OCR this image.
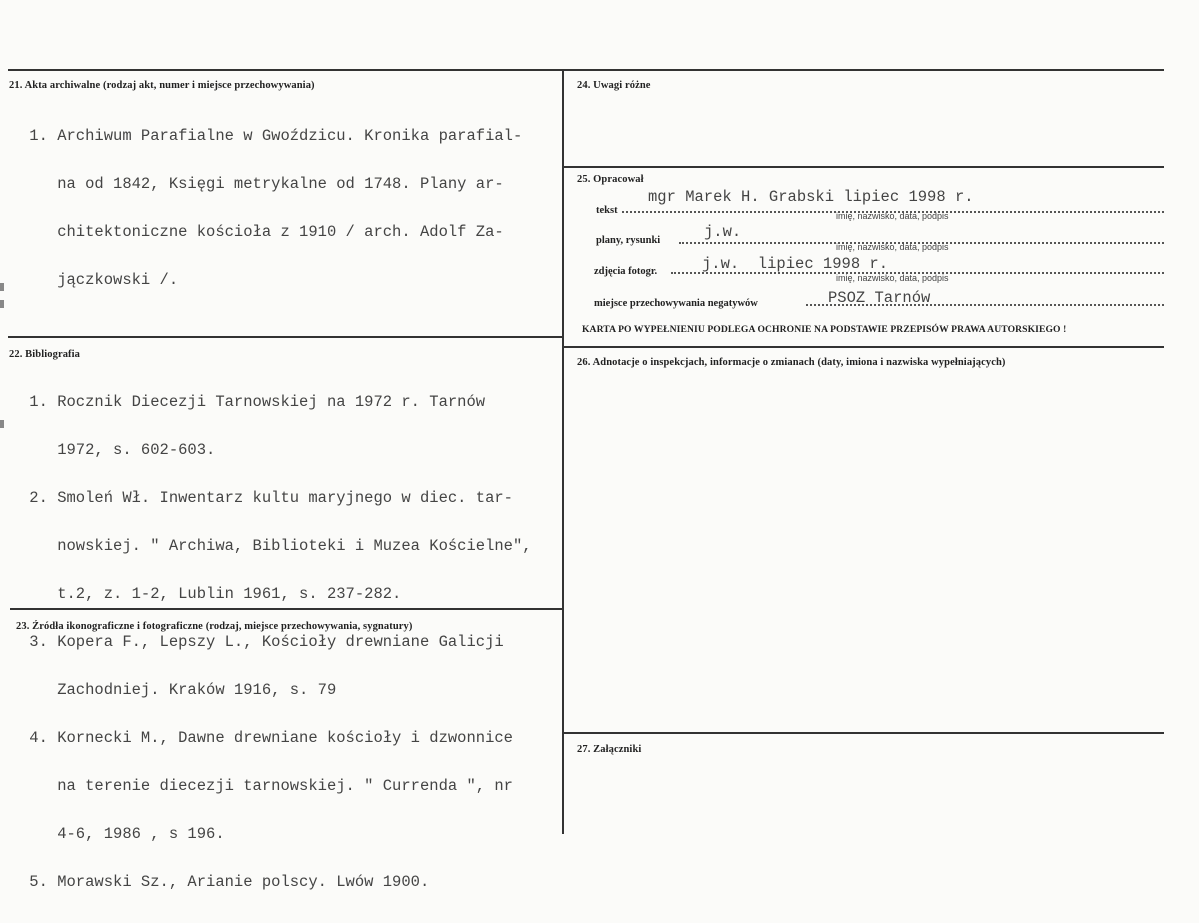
21. Akta archiwalne (rodzaj akt, numer i miejsce przechowywania)

1. Archiwum Parafialne w Gwoździcu. Kronika parafial-

na od 1842, Księgi metrykalne od 1748. Plany ar-

chitektoniczne kościoła z 1910 / arch. Adolf Za-

jączkowski /.

22. Bibliografia

1. Rocznik Diecezji Tarnowskiej na 1972 r. Tarnów

1972, s. 602-603.

2. Smoleń Wł. Inwentarz kultu maryjnego w diec. tar-

nowskiej. " Archiwa, Biblioteki i Muzea Kościelne",

t.2, z. 1-2, Lublin 1961, s. 237-282.

3. Kopera F., Lepszy L., Kościoły drewniane Galicji

Zachodniej. Kraków 1916, s. 79

4. Kornecki M., Dawne drewniane kościoły i dzwonnice

na terenie diecezji tarnowskiej. " Currenda ", nr

4-6, 1986 , s 196.

5. Morawski Sz., Arianie polscy. Lwów 1900.

23. Źródła ikonograficzne i fotograficzne (rodzaj, miejsce przechowywania, sygnatury)
24. Uwagi różne
25. Opracował
mgr Marek H. Grabski lipiec 1998 r.
tekst	imię, nazwisko, data, podpis
j.w.
plany, rysunki
imię, nazwisko, data, podpis
j.w.  lipiec 1998 r.
zdjęcia fotogr.
imię, nazwisko, data, podpis
PSOZ Tarnów
miejsce przechowywania negatywów
KARTA PO WYPEŁNIENIU PODLEGA OCHRONIE NA PODSTAWIE PRZEPISÓW PRAWA AUTORSKIEGO !
26. Adnotacje o inspekcjach, informacje o zmianach (daty, imiona i nazwiska wypełniających)
27. Załączniki
